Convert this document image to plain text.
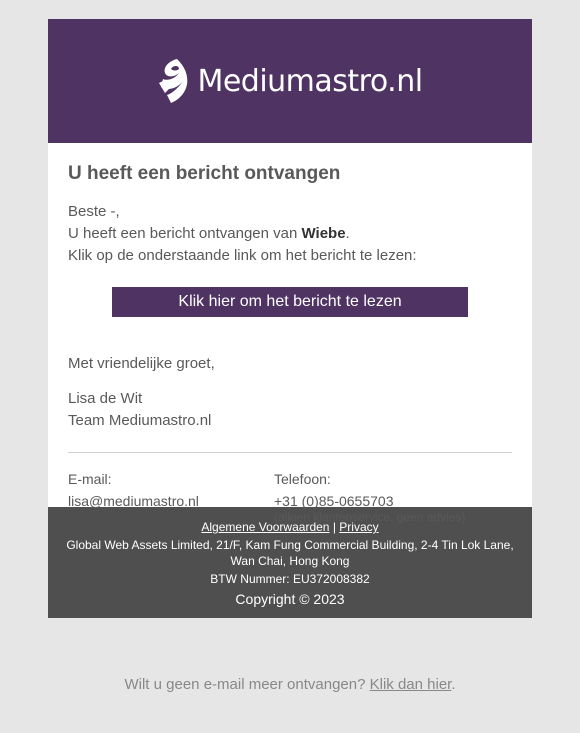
Mediumastro.nl
U heeft een bericht ontvangen
Beste -,
U heeft een bericht ontvangen van Wiebe.
Klik op de onderstaande link om het bericht te lezen:
Klik hier om het bericht te lezen
Met vriendelijke groet,
Lisa de Wit
Team Mediumastro.nl
E-mail:
lisa@mediumastro.nl
Telefoon:
+31 (0)85-0655703
(alleen klantenservice, geen advies)
Algemene Voorwaarden | Privacy
Global Web Assets Limited, 21/F, Kam Fung Commercial Building, 2-4 Tin Lok Lane, Wan Chai, Hong Kong
BTW Nummer: EU372008382
Copyright © 2023
Wilt u geen e-mail meer ontvangen? Klik dan hier.
